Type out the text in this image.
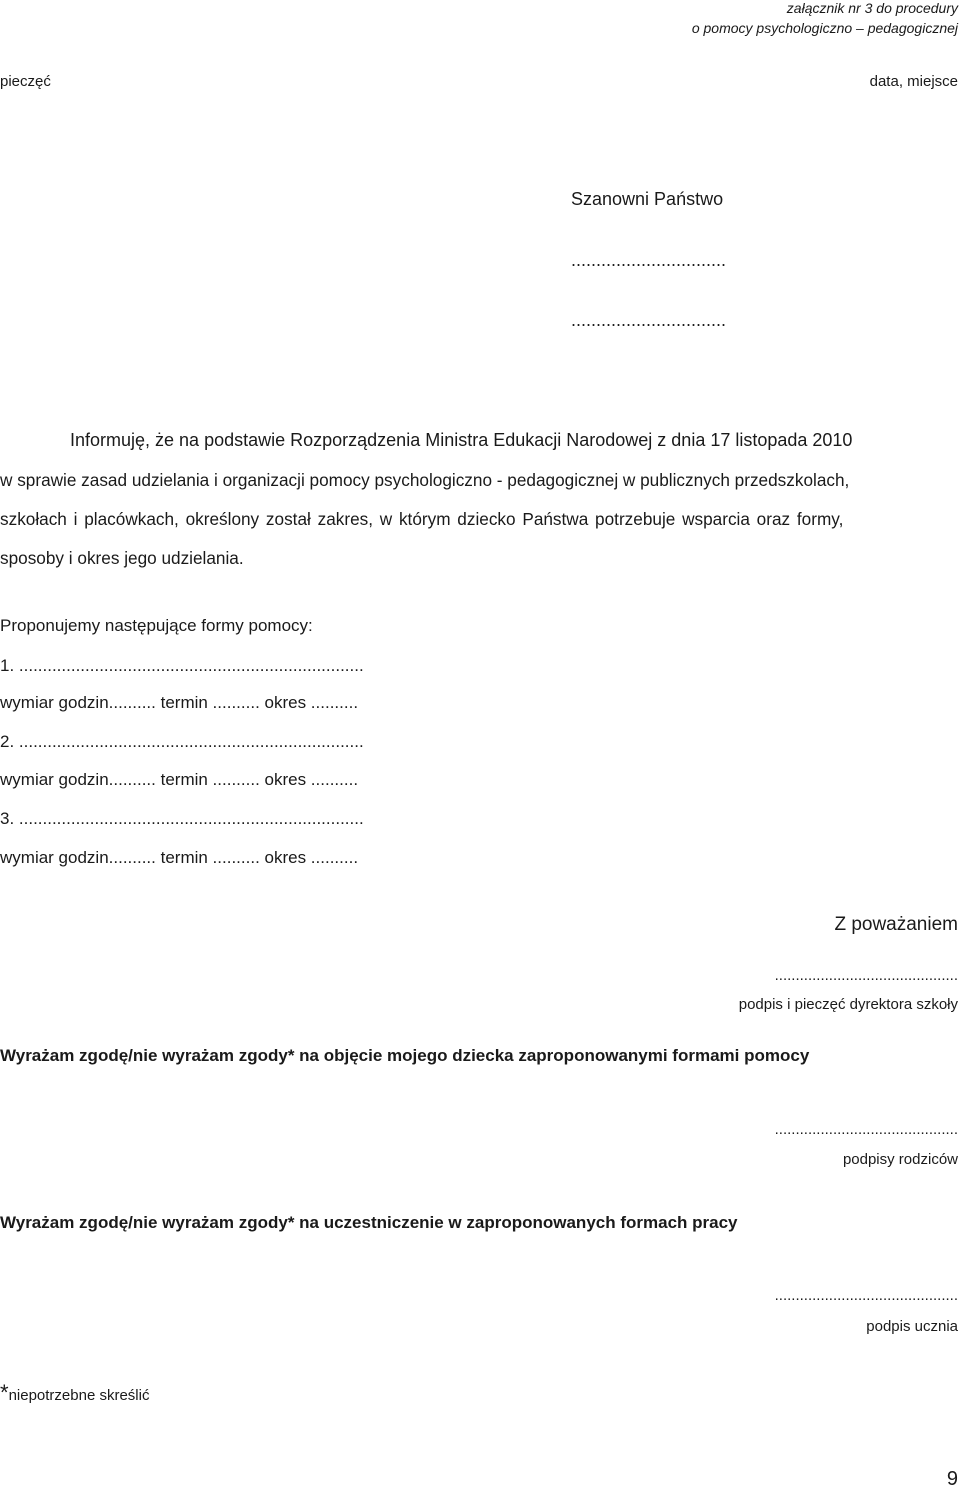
załącznik nr 3 do procedury
o pomocy psychologiczno – pedagogicznej
pieczęć	data, miejsce
Szanowni Państwo
...............................
...............................
Informuję, że na podstawie Rozporządzenia Ministra Edukacji Narodowej z dnia 17 listopada 2010
w sprawie zasad udzielania i organizacji pomocy psychologiczno - pedagogicznej w publicznych przedszkolach,
szkołach i placówkach, określony został zakres, w którym dziecko Państwa potrzebuje wsparcia oraz formy,
sposoby i okres jego udzielania.
Proponujemy następujące formy pomocy:
1. .........................................................................
wymiar godzin.......... termin .......... okres ..........
2. .........................................................................
wymiar godzin.......... termin .......... okres ..........
3. .........................................................................
wymiar godzin.......... termin .......... okres ..........
Z poważaniem
............................................
podpis i pieczęć dyrektora szkoły
Wyrażam zgodę/nie wyrażam zgody* na objęcie mojego dziecka zaproponowanymi formami pomocy
............................................
podpisy rodziców
Wyrażam zgodę/nie wyrażam zgody* na uczestniczenie w zaproponowanych formach pracy
............................................
podpis ucznia
*niepotrzebne skreślić
9
